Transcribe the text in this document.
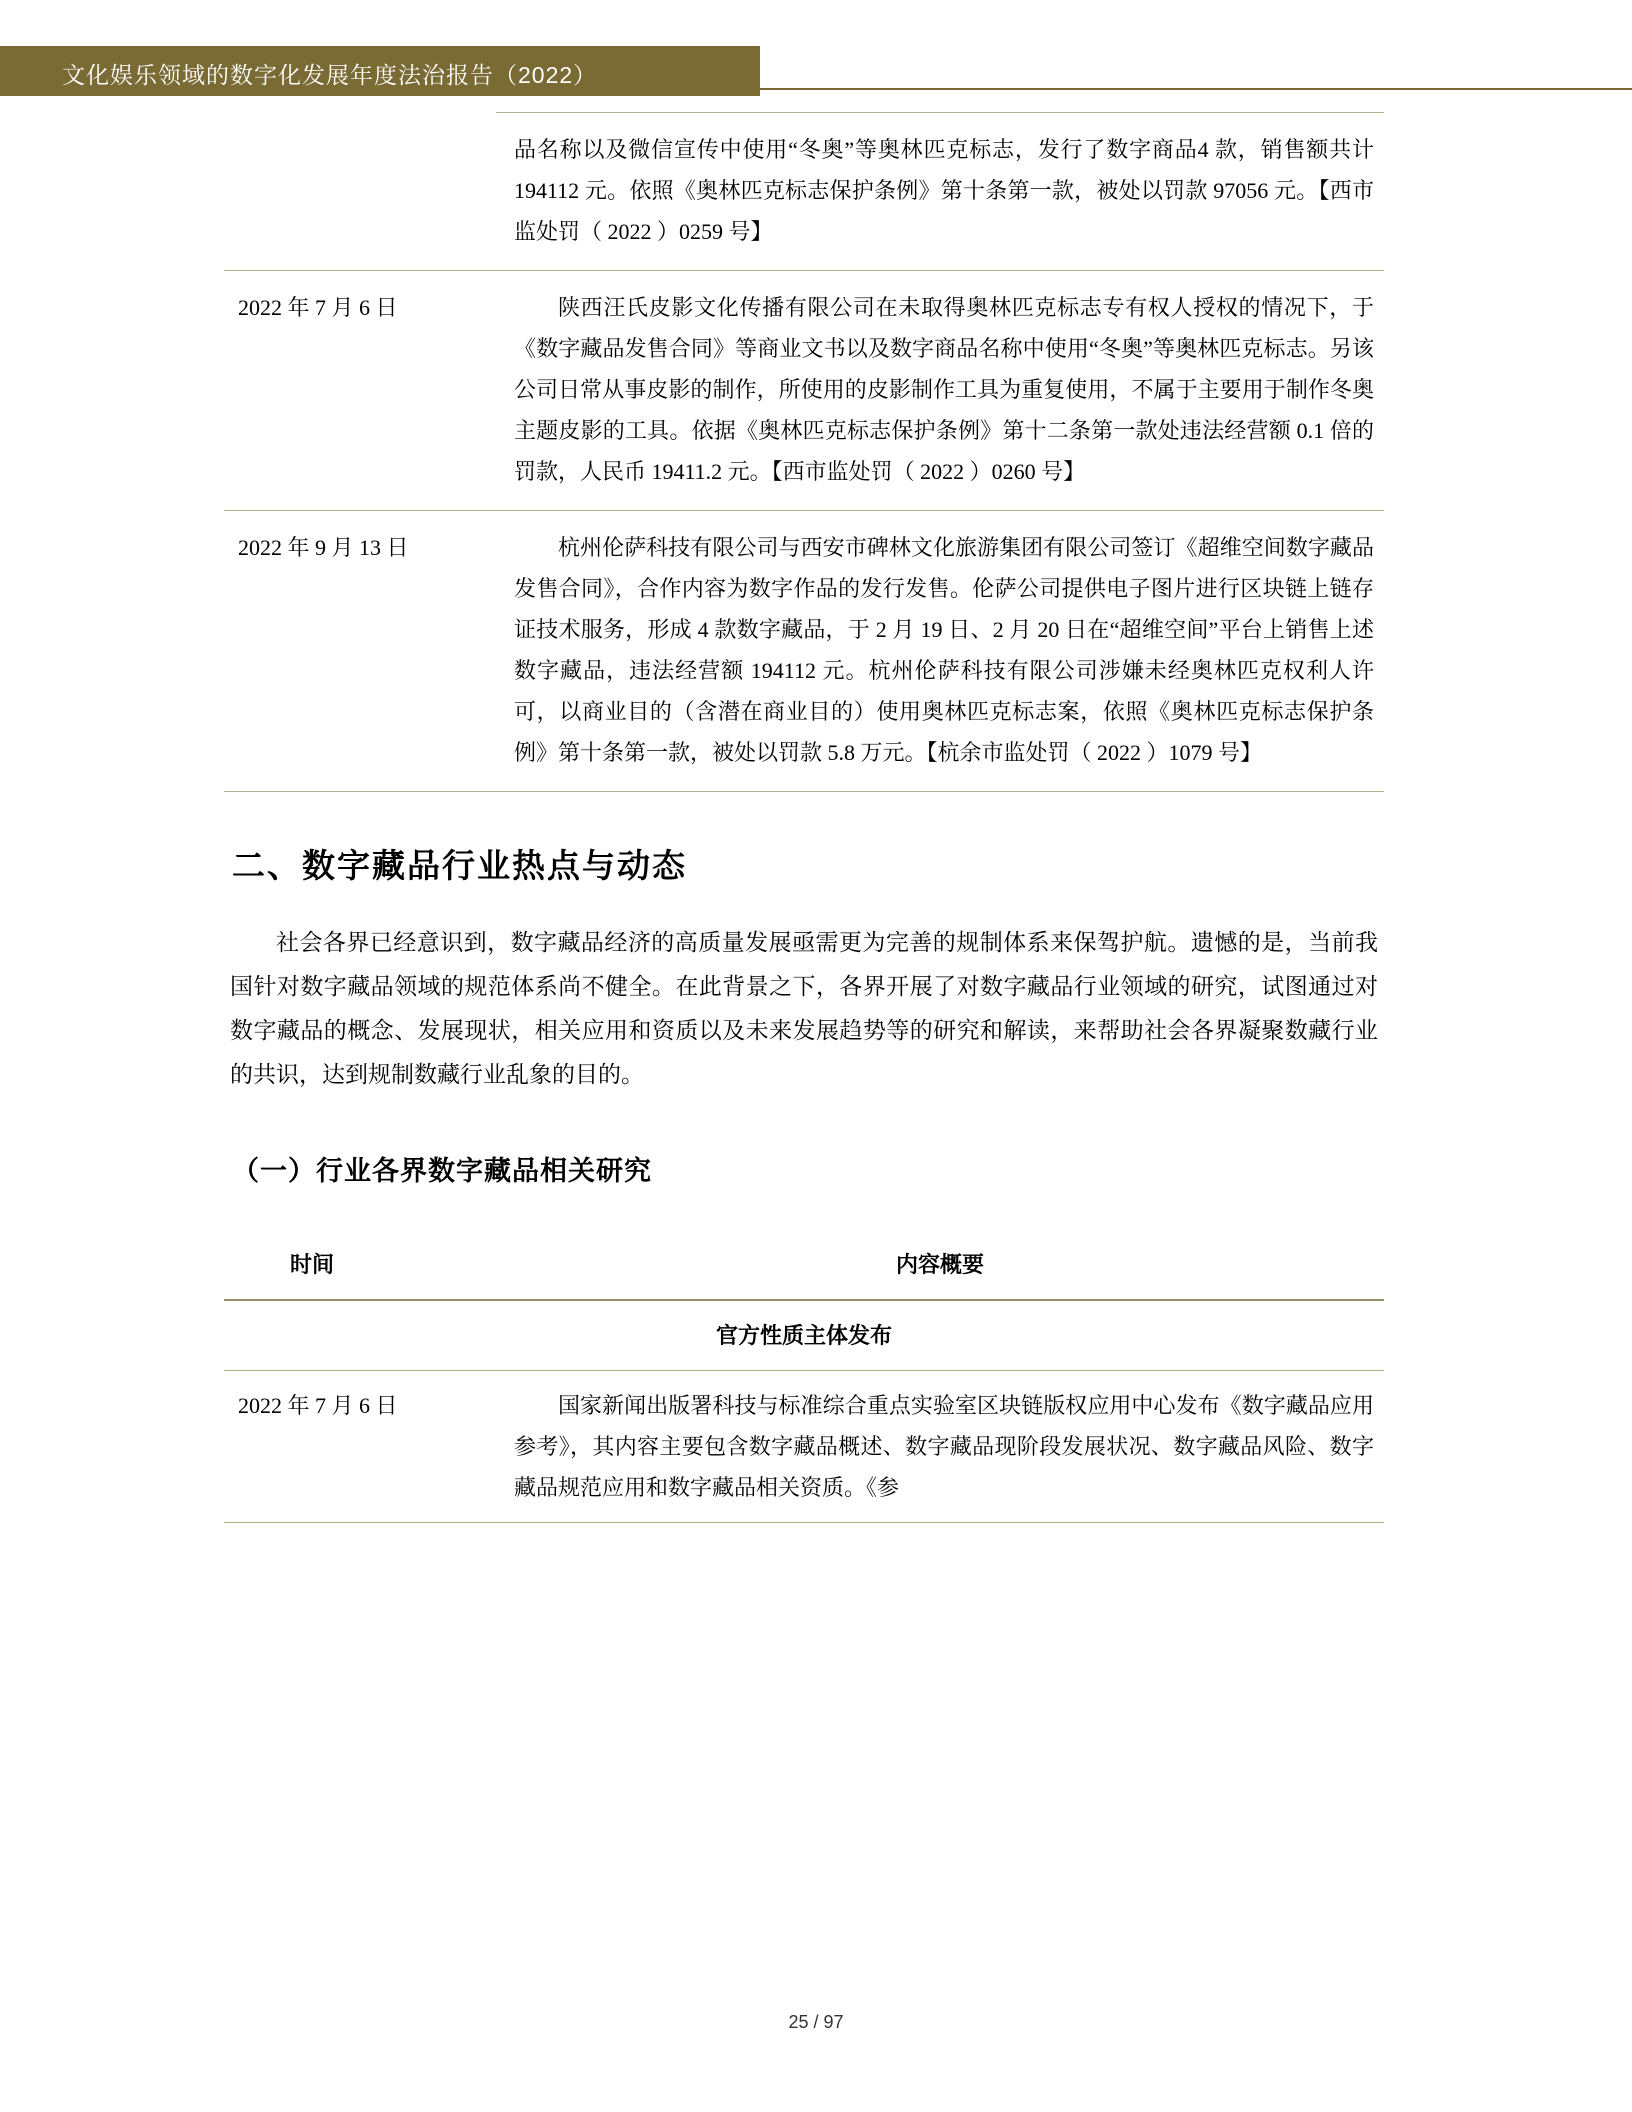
文化娱乐领域的数字化发展年度法治报告（2022）
	品名称以及微信宣传中使用“冬奥”等奥林匹克标志，发行了数字商品4 款，销售额共计 194112 元。依照《奥林匹克标志保护条例》第十条第一款，被处以罚款 97056 元。【西市监处罚（ 2022 ）0259 号】
2022 年 7 月 6 日	陕西汪氏皮影文化传播有限公司在未取得奥林匹克标志专有权人授权的情况下，于《数字藏品发售合同》等商业文书以及数字商品名称中使用“冬奥”等奥林匹克标志。另该公司日常从事皮影的制作，所使用的皮影制作工具为重复使用，不属于主要用于制作冬奥主题皮影的工具。依据《奥林匹克标志保护条例》第十二条第一款处违法经营额 0.1 倍的罚款，人民币 19411.2 元。【西市监处罚（ 2022 ）0260 号】
2022 年 9 月 13 日	杭州伦萨科技有限公司与西安市碑林文化旅游集团有限公司签订《超维空间数字藏品发售合同》，合作内容为数字作品的发行发售。伦萨公司提供电子图片进行区块链上链存证技术服务，形成 4 款数字藏品，于 2 月 19 日、2 月 20 日在“超维空间”平台上销售上述数字藏品，违法经营额 194112 元。杭州伦萨科技有限公司涉嫌未经奥林匹克权利人许可，以商业目的（含潜在商业目的）使用奥林匹克标志案，依照《奥林匹克标志保护条例》第十条第一款，被处以罚款 5.8 万元。【杭余市监处罚（ 2022 ）1079 号】
二、数字藏品行业热点与动态

社会各界已经意识到，数字藏品经济的高质量发展亟需更为完善的规制体系来保驾护航。遗憾的是，当前我国针对数字藏品领域的规范体系尚不健全。在此背景之下，各界开展了对数字藏品行业领域的研究，试图通过对数字藏品的概念、发展现状，相关应用和资质以及未来发展趋势等的研究和解读，来帮助社会各界凝聚数藏行业的共识，达到规制数藏行业乱象的目的。

（一）行业各界数字藏品相关研究
时间	内容概要
官方性质主体发布	
2022 年 7 月 6 日	国家新闻出版署科技与标准综合重点实验室区块链版权应用中心发布《数字藏品应用参考》，其内容主要包含数字藏品概述、数字藏品现阶段发展状况、数字藏品风险、数字藏品规范应用和数字藏品相关资质。《参
25 / 97
